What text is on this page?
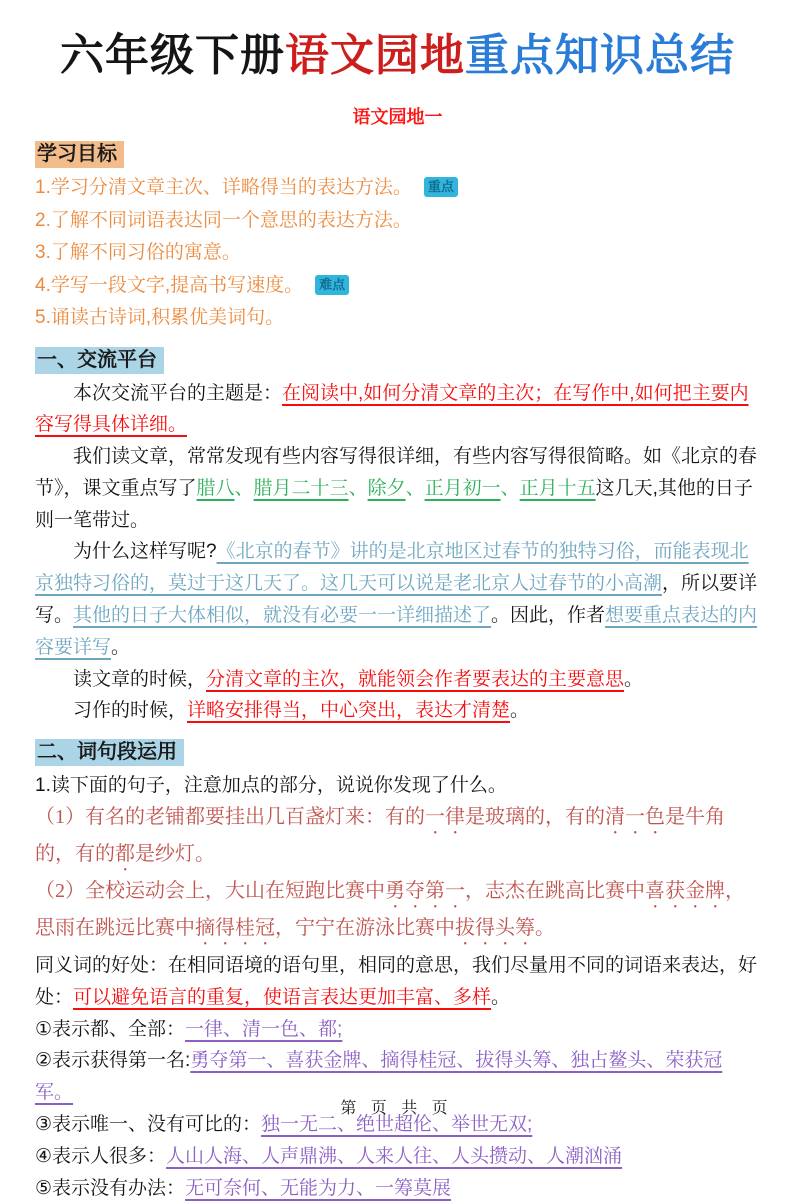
六年级下册语文园地重点知识总结
语文园地一
学习目标
1.学习分清文章主次、详略得当的表达方法。 重点
2.了解不同词语表达同一个意思的表达方法。
3.了解不同习俗的寓意。
4.学写一段文字,提高书写速度。 难点
5.诵读古诗词,积累优美词句。
一、交流平台

本次交流平台的主题是：在阅读中,如何分清文章的主次；在写作中,如何把主要内容写得具体详细。

我们读文章，常常发现有些内容写得很详细，有些内容写得很简略。如《北京的春节》，课文重点写了腊八、腊月二十三、除夕、正月初一、正月十五这几天,其他的日子则一笔带过。

为什么这样写呢?《北京的春节》讲的是北京地区过春节的独特习俗，而能表现北京独特习俗的，莫过于这几天了。这几天可以说是老北京人过春节的小高潮，所以要详写。其他的日子大体相似，就没有必要一一详细描述了。因此，作者想要重点表达的内容要详写。

读文章的时候，分清文章的主次，就能领会作者要表达的主要意思。

习作的时候，详略安排得当，中心突出，表达才清楚。

二、词句段运用

1.读下面的句子，注意加点的部分，说说你发现了什么。

（1）有名的老铺都要挂出几百盏灯来：有的一律是玻璃的，有的清一色是牛角的，有的都是纱灯。

（2）全校运动会上，大山在短跑比赛中勇夺第一，志杰在跳高比赛中喜获金牌，思雨在跳远比赛中摘得桂冠，宁宁在游泳比赛中拔得头筹。

同义词的好处：在相同语境的语句里，相同的意思，我们尽量用不同的词语来表达，好处：可以避免语言的重复，使语言表达更加丰富、多样。

①表示都、全部：一律、清一色、都;

②表示获得第一名:勇夺第一、喜获金牌、摘得桂冠、拔得头筹、独占鳌头、荣获冠军。

③表示唯一、没有可比的：独一无二、绝世超伦、举世无双;

④表示人很多：人山人海、人声鼎沸、人来人往、人头攒动、人潮汹涌

⑤表示没有办法：无可奈何、无能为力、一筹莫展

第 页 共 页
